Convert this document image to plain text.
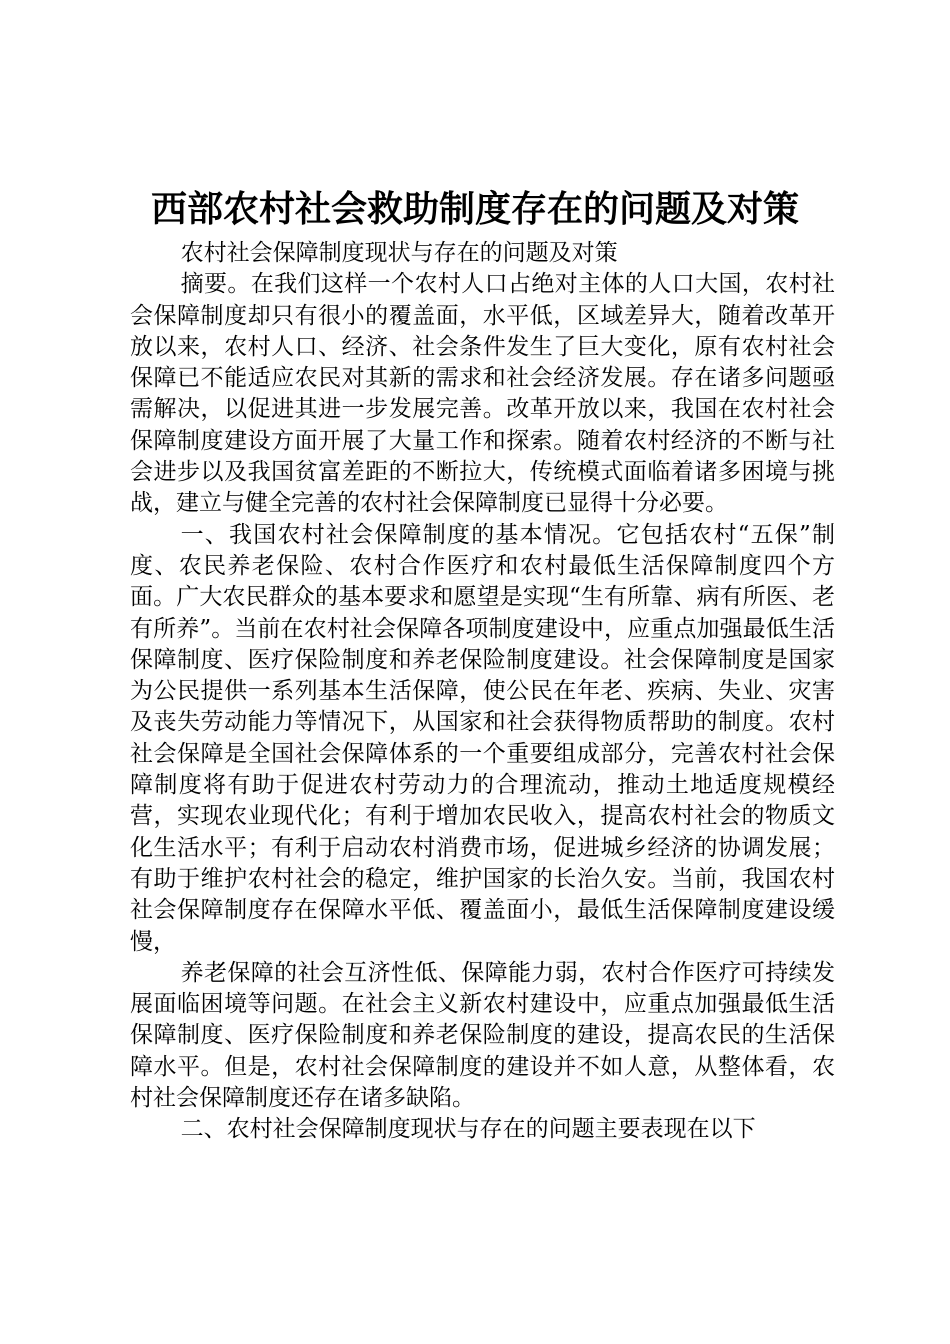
西部农村社会救助制度存在的问题及对策

农村社会保障制度现状与存在的问题及对策

摘要。在我们这样一个农村人口占绝对主体的人口大国，农村社会保障制度却只有很小的覆盖面，水平低，区域差异大，随着改革开放以来，农村人口、经济、社会条件发生了巨大变化，原有农村社会保障已不能适应农民对其新的需求和社会经济发展。存在诸多问题亟需解决，以促进其进一步发展完善。改革开放以来，我国在农村社会保障制度建设方面开展了大量工作和探索。随着农村经济的不断与社会进步以及我国贫富差距的不断拉大，传统模式面临着诸多困境与挑战，建立与健全完善的农村社会保障制度已显得十分必要。

一、我国农村社会保障制度的基本情况。它包括农村“五保”制度、农民养老保险、农村合作医疗和农村最低生活保障制度四个方面。广大农民群众的基本要求和愿望是实现“生有所靠、病有所医、老有所养”。当前在农村社会保障各项制度建设中，应重点加强最低生活保障制度、医疗保险制度和养老保险制度建设。社会保障制度是国家为公民提供一系列基本生活保障，使公民在年老、疾病、失业、灾害及丧失劳动能力等情况下，从国家和社会获得物质帮助的制度。农村社会保障是全国社会保障体系的一个重要组成部分，完善农村社会保障制度将有助于促进农村劳动力的合理流动，推动土地适度规模经营，实现农业现代化；有利于增加农民收入，提高农村社会的物质文化生活水平；有利于启动农村消费市场，促进城乡经济的协调发展；有助于维护农村社会的稳定，维护国家的长治久安。当前，我国农村社会保障制度存在保障水平低、覆盖面小，最低生活保障制度建设缓慢，

养老保障的社会互济性低、保障能力弱，农村合作医疗可持续发展面临困境等问题。在社会主义新农村建设中，应重点加强最低生活保障制度、医疗保险制度和养老保险制度的建设，提高农民的生活保障水平。但是，农村社会保障制度的建设并不如人意，从整体看，农村社会保障制度还存在诸多缺陷。

二、农村社会保障制度现状与存在的问题主要表现在以下
